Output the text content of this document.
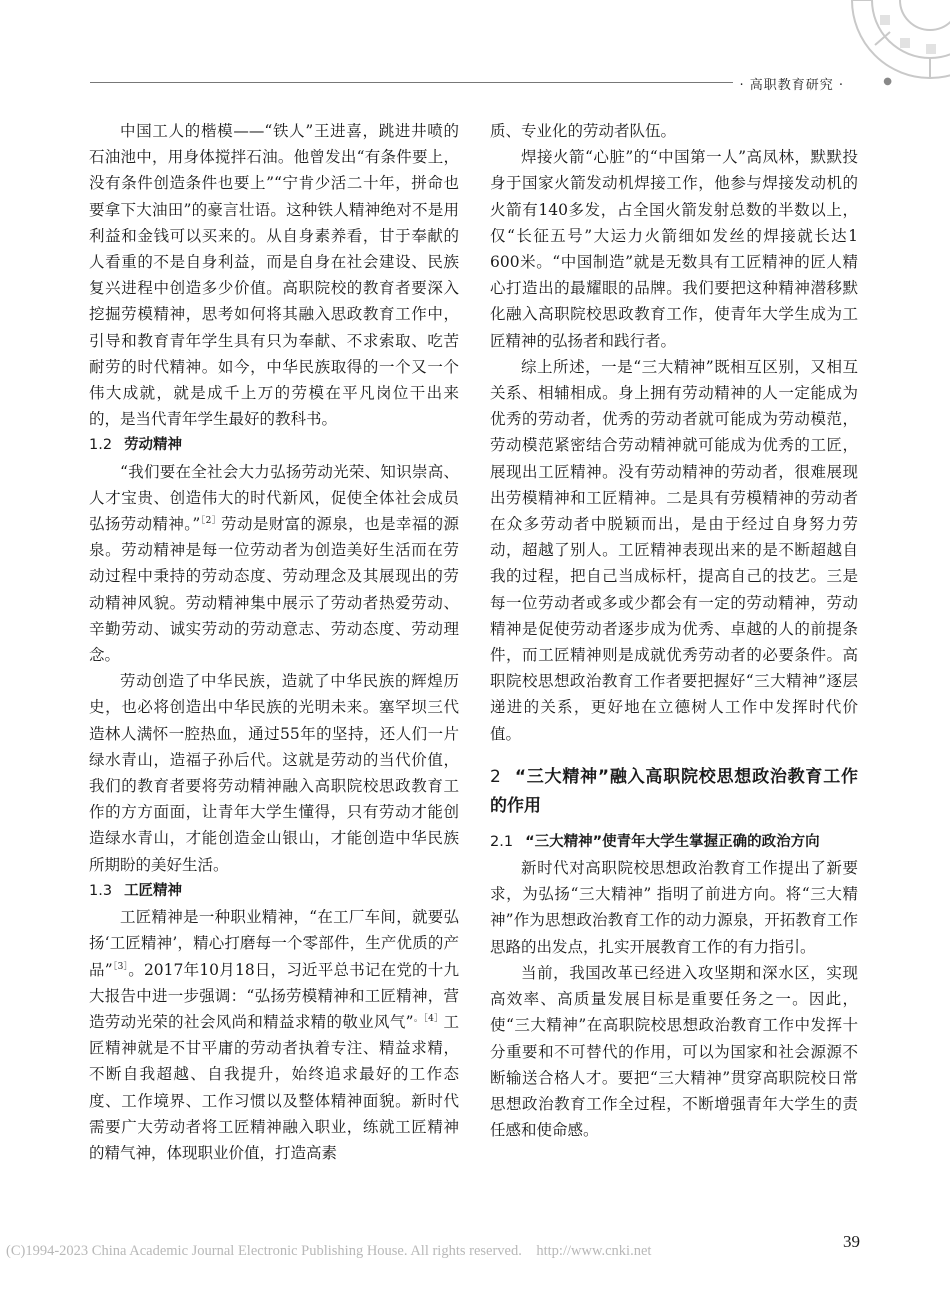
· 高职教育研究 ·	●

中国工人的楷模——“铁人”王进喜，跳进井喷的石油池中，用身体搅拌石油。他曾发出“有条件要上，没有条件创造条件也要上”“宁肯少活二十年，拼命也要拿下大油田”的豪言壮语。这种铁人精神绝对不是用利益和金钱可以买来的。从自身素养看，甘于奉献的人看重的不是自身利益，而是自身在社会建设、民族复兴进程中创造多少价值。高职院校的教育者要深入挖掘劳模精神，思考如何将其融入思政教育工作中，引导和教育青年学生具有只为奉献、不求索取、吃苦耐劳的时代精神。如今，中华民族取得的一个又一个伟大成就，就是成千上万的劳模在平凡岗位干出来的，是当代青年学生最好的教科书。

1.2 劳动精神

“我们要在全社会大力弘扬劳动光荣、知识崇高、人才宝贵、创造伟大的时代新风，促使全体社会成员弘扬劳动精神。”$^{[2]}$劳动是财富的源泉，也是幸福的源泉。劳动精神是每一位劳动者为创造美好生活而在劳动过程中秉持的劳动态度、劳动理念及其展现出的劳动精神风貌。劳动精神集中展示了劳动者热爱劳动、辛勤劳动、诚实劳动的劳动意志、劳动态度、劳动理念。

劳动创造了中华民族，造就了中华民族的辉煌历史，也必将创造出中华民族的光明未来。塞罕坝三代造林人满怀一腔热血，通过55年的坚持，还人们一片绿水青山，造福子孙后代。这就是劳动的当代价值，我们的教育者要将劳动精神融入高职院校思政教育工作的方方面面，让青年大学生懂得，只有劳动才能创造绿水青山，才能创造金山银山，才能创造中华民族所期盼的美好生活。

1.3 工匠精神

工匠精神是一种职业精神，“在工厂车间，就要弘扬‘工匠精神’，精心打磨每一个零部件，生产优质的产品”$^{[3]}$。2017年10月18日，习近平总书记在党的十九大报告中进一步强调：“弘扬劳模精神和工匠精神，营造劳动光荣的社会风尚和精益求精的敬业风气”$^{。[4]}$工匠精神就是不甘平庸的劳动者执着专注、精益求精，不断自我超越、自我提升，始终追求最好的工作态度、工作境界、工作习惯以及整体精神面貌。新时代需要广大劳动者将工匠精神融入职业，练就工匠精神的精气神，体现职业价值，打造高素

质、专业化的劳动者队伍。

焊接火箭“心脏”的“中国第一人”高凤林，默默投身于国家火箭发动机焊接工作，他参与焊接发动机的火箭有140多发，占全国火箭发射总数的半数以上，仅“长征五号”大运力火箭细如发丝的焊接就长达1 600米。“中国制造”就是无数具有工匠精神的匠人精心打造出的最耀眼的品牌。我们要把这种精神潜移默化融入高职院校思政教育工作，使青年大学生成为工匠精神的弘扬者和践行者。

综上所述，一是“三大精神”既相互区别，又相互关系、相辅相成。身上拥有劳动精神的人一定能成为优秀的劳动者，优秀的劳动者就可能成为劳动模范，劳动模范紧密结合劳动精神就可能成为优秀的工匠，展现出工匠精神。没有劳动精神的劳动者，很难展现出劳模精神和工匠精神。二是具有劳模精神的劳动者在众多劳动者中脱颖而出，是由于经过自身努力劳动，超越了别人。工匠精神表现出来的是不断超越自我的过程，把自己当成标杆，提高自己的技艺。三是每一位劳动者或多或少都会有一定的劳动精神，劳动精神是促使劳动者逐步成为优秀、卓越的人的前提条件，而工匠精神则是成就优秀劳动者的必要条件。高职院校思想政治教育工作者要把握好“三大精神”逐层递进的关系，更好地在立德树人工作中发挥时代价值。

2 “三大精神”融入高职院校思想政治教育工作的作用
2.1 “三大精神”使青年大学生掌握正确的政治方向

新时代对高职院校思想政治教育工作提出了新要求，为弘扬“三大精神” 指明了前进方向。将“三大精神”作为思想政治教育工作的动力源泉，开拓教育工作思路的出发点，扎实开展教育工作的有力指引。

当前，我国改革已经进入攻坚期和深水区，实现高效率、高质量发展目标是重要任务之一。因此，使“三大精神”在高职院校思想政治教育工作中发挥十分重要和不可替代的作用，可以为国家和社会源源不断输送合格人才。要把“三大精神”贯穿高职院校日常思想政治教育工作全过程，不断增强青年大学生的责任感和使命感。

39
(C)1994-2023 China Academic Journal Electronic Publishing House. All rights reserved.    http://www.cnki.net
